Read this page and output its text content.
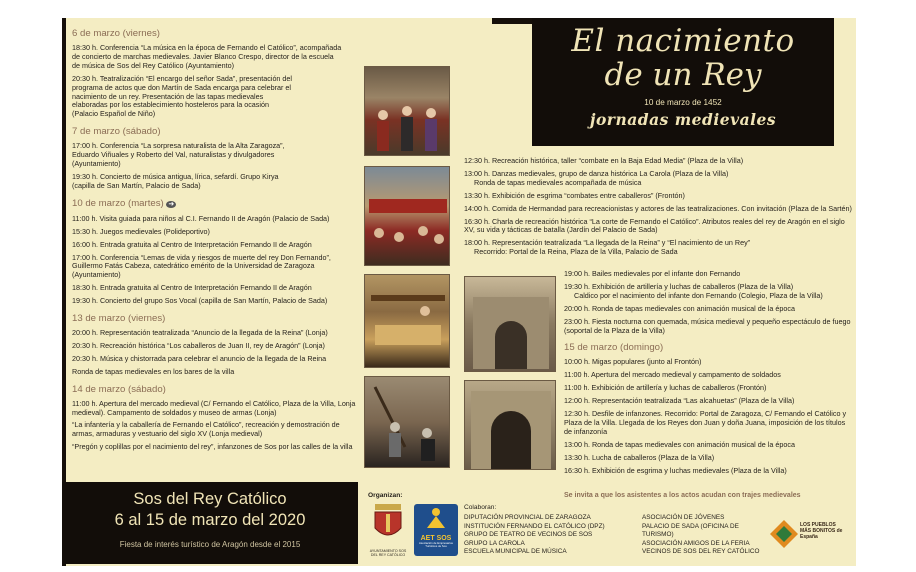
6 de marzo (viernes)
18:30 h. Conferencia “La música en la época de Fernando el Católico”, acompañada de concierto de marchas medievales. Javier Blanco Crespo, director de la escuela de música de Sos del Rey Católico (Ayuntamiento)
20:30 h. Teatralización “El encargo del señor Sada”, presentación del programa de actos que don Martín de Sada encarga para celebrar el nacimiento de un rey. Presentación de las tapas medievales elaboradas por los establecimiento hosteleros para la ocasión (Palacio Español de Niño)
7 de marzo (sábado)
17:00 h. Conferencia “La sorpresa naturalista de la Alta Zaragoza”, Eduardo Viñuales y Roberto del Val, naturalistas y divulgadores (Ayuntamiento)
19:30 h. Concierto de música antigua, lírica, sefardí. Grupo Kirya (capilla de San Martín, Palacio de Sada)
10 de marzo (martes) ➜
11:00 h. Visita guiada para niños al C.I. Fernando II de Aragón (Palacio de Sada)
15:30 h. Juegos medievales (Polideportivo)
16:00 h. Entrada gratuita al Centro de Interpretación Fernando II de Aragón
17:00 h. Conferencia “Lemas de vida y riesgos de muerte del rey Don Fernando”, Guillermo Fatás Cabeza, catedrático emérito de la Universidad de Zaragoza (Ayuntamiento)
18:30 h. Entrada gratuita al Centro de Interpretación Fernando II de Aragón
19:30 h. Concierto del grupo Sos Vocal (capilla de San Martín, Palacio de Sada)
13 de marzo (viernes)
20:00 h. Representación teatralizada “Anuncio de la llegada de la Reina” (Lonja)
20:30 h. Recreación histórica “Los caballeros de Juan II, rey de Aragón” (Lonja)
20:30 h. Música y chistorrada para celebrar el anuncio de la llegada de la Reina
Ronda de tapas medievales en los bares de la villa
14 de marzo (sábado)
11:00 h. Apertura del mercado medieval (C/ Fernando el Católico, Plaza de la Villa, Lonja medieval). Campamento de soldados y museo de armas (Lonja)
“La infantería y la caballería de Fernando el Católico”, recreación y demostración de armas, armaduras y vestuario del siglo XV (Lonja medieval)
“Pregón y coplillas por el nacimiento del rey”, infanzones de Sos por las calles de la villa
El nacimiento
de un Rey
10 de marzo de 1452
jornadas medievales
12:30 h. Recreación histórica, taller “combate en la Baja Edad Media” (Plaza de la Villa)
13:00 h. Danzas medievales, grupo de danza histórica La Carola (Plaza de la Villa)
Ronda de tapas medievales acompañada de música
13:30 h. Exhibición de esgrima “combates entre caballeros” (Frontón)
14:00 h. Comida de Hermandad para recreacionistas y actores de las teatralizaciones. Con invitación (Plaza de la Sartén)
16:30 h. Charla de recreación histórica “La corte de Fernando el Católico”. Atributos reales del rey de Aragón en el siglo XV, su vida y tácticas de batalla (Jardín del Palacio de Sada)
18:00 h. Representación teatralizada “La llegada de la Reina” y “El nacimiento de un Rey”
Recorrido: Portal de la Reina, Plaza de la Villa, Palacio de Sada
19:00 h. Bailes medievales por el infante don Fernando
19:30 h. Exhibición de artillería y luchas de caballeros (Plaza de la Villa)
Caldico por el nacimiento del infante don Fernando (Colegio, Plaza de la Villa)
20:00 h. Ronda de tapas medievales con animación musical de la época
23:00 h. Fiesta nocturna con quemada, música medieval y pequeño espectáculo de fuego (soportal de la Plaza de la Villa)
15 de marzo (domingo)
10:00 h. Migas populares (junto al Frontón)
11:00 h. Apertura del mercado medieval y campamento de soldados
11:00 h. Exhibición de artillería y luchas de caballeros (Frontón)
12:00 h. Representación teatralizada “Las alcahuetas” (Plaza de la Villa)
12:30 h. Desfile de infanzones. Recorrido: Portal de Zaragoza, C/ Fernando el Católico y Plaza de la Villa. Llegada de los Reyes don Juan y doña Juana, imposición de los títulos de infanzonía
13:00 h. Ronda de tapas medievales con animación musical de la época
13:30 h. Lucha de caballeros (Plaza de la Villa)
16:30 h. Exhibición de esgrima y luchas medievales (Plaza de la Villa)
Se invita a que los asistentes a los actos acudan con trajes medievales
Sos del Rey Católico
6 al 15 de marzo del 2020
Fiesta de interés turístico de Aragón desde el 2015
Organizan:
AYUNTAMIENTO SOS DEL REY CATÓLICO
AET SOS
Asociación de Empresarios Turísticos de Sos
Colaboran:
DIPUTACIÓN PROVINCIAL DE ZARAGOZA
INSTITUCIÓN FERNANDO EL CATÓLICO (DPZ)
GRUPO DE TEATRO DE VECINOS DE SOS
GRUPO LA CAROLA
ESCUELA MUNICIPAL DE MÚSICA
ASOCIACIÓN DE JÓVENES
PALACIO DE SADA (OFICINA DE TURISMO)
ASOCIACIÓN AMIGOS DE LA FERIA
VECINOS DE SOS DEL REY CATÓLICO
LOS PUEBLOS MÁS BONITOS de España
